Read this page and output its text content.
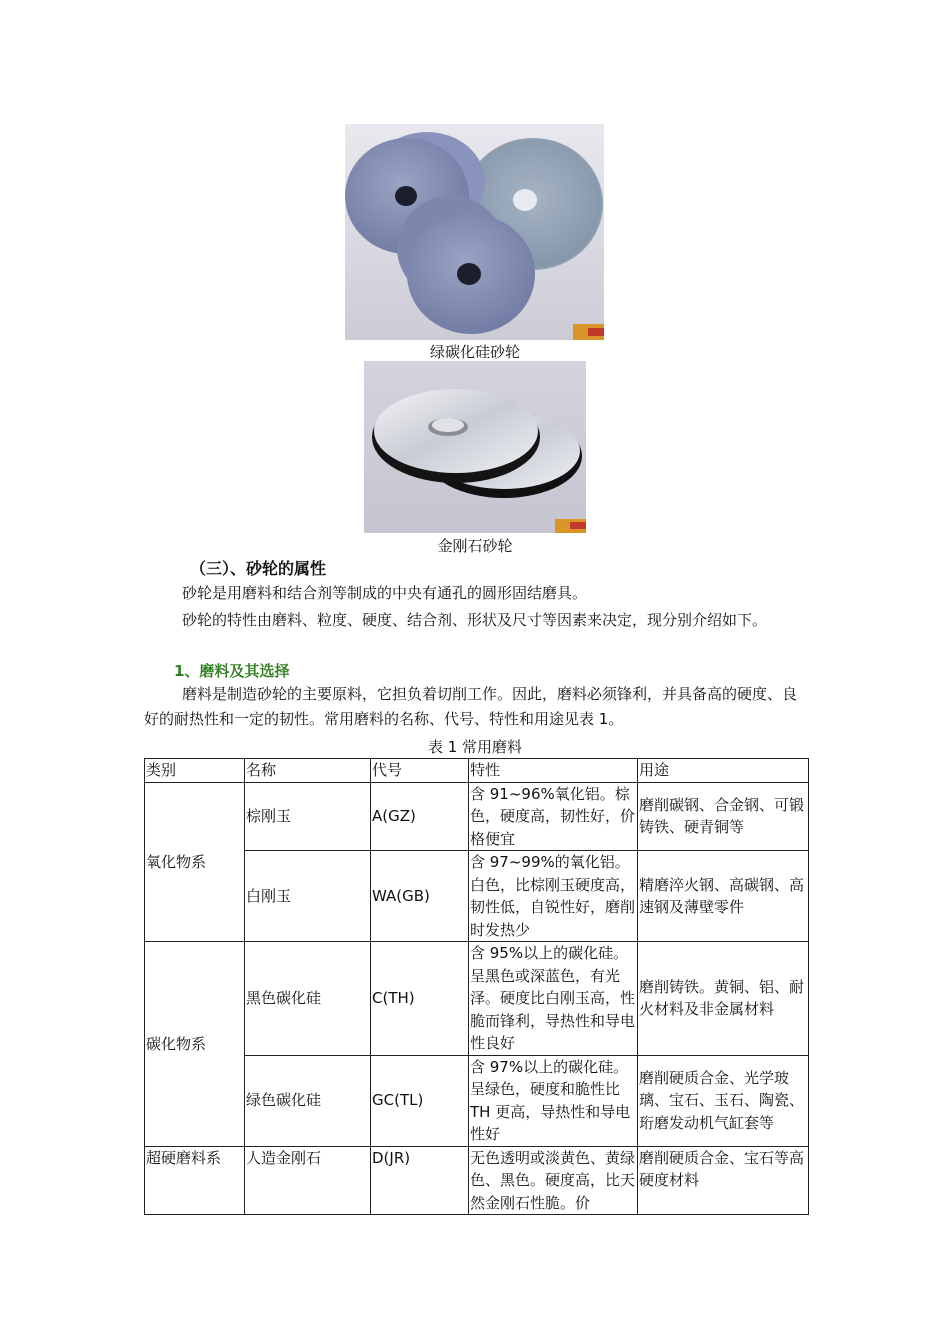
绿碳化硅砂轮
金刚石砂轮
（三）、砂轮的属性
砂轮是用磨料和结合剂等制成的中央有通孔的圆形固结磨具。
砂轮的特性由磨料、粒度、硬度、结合剂、形状及尺寸等因素来决定，现分别介绍如下。
1、磨料及其选择
磨料是制造砂轮的主要原料，它担负着切削工作。因此，磨料必须锋利，并具备高的硬度、良好的耐热性和一定的韧性。常用磨料的名称、代号、特性和用途见表 1。
表 1 常用磨料
类别	名称	代号	特性	用途
氧化物系	棕刚玉	A(GZ)	含 91~96%氧化铝。棕色，硬度高，韧性好，价格便宜	磨削碳钢、合金钢、可锻铸铁、硬青铜等
	白刚玉	WA(GB)	含 97~99%的氧化铝。白色，比棕刚玉硬度高，韧性低，自锐性好，磨削时发热少	精磨淬火钢、高碳钢、高速钢及薄壁零件
碳化物系	黑色碳化硅	C(TH)	含 95%以上的碳化硅。呈黑色或深蓝色，有光泽。硬度比白刚玉高，性脆而锋利，导热性和导电性良好	磨削铸铁。黄铜、铝、耐火材料及非金属材料
	绿色碳化硅	GC(TL)	含 97%以上的碳化硅。呈绿色，硬度和脆性比 TH 更高，导热性和导电性好	磨削硬质合金、光学玻璃、宝石、玉石、陶瓷、珩磨发动机气缸套等
超硬磨料系	人造金刚石	D(JR)	无色透明或淡黄色、黄绿色、黑色。硬度高，比天然金刚石性脆。价	磨削硬质合金、宝石等高硬度材料
